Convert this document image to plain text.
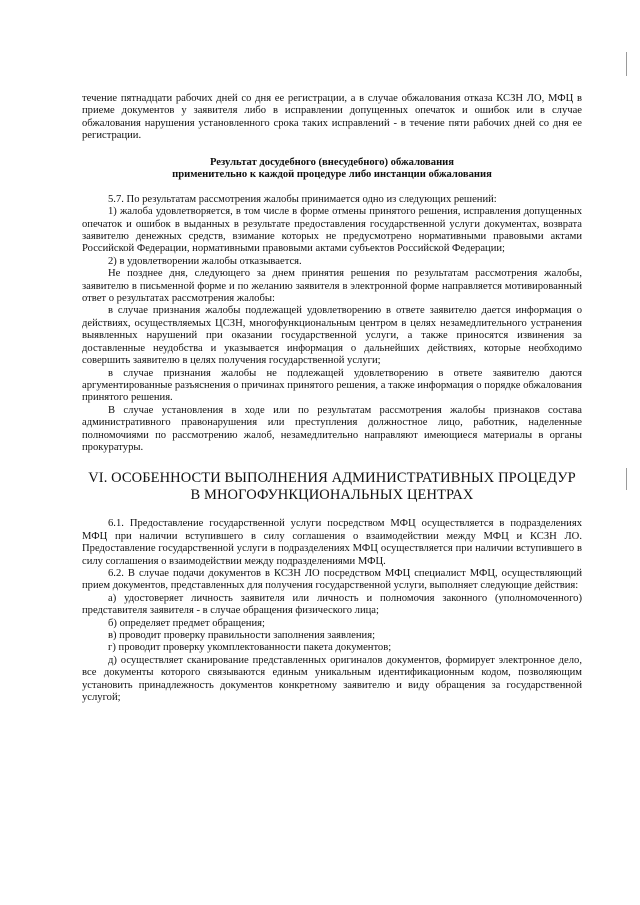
течение пятнадцати рабочих дней со дня ее регистрации, а в случае обжалования отказа КСЗН ЛО, МФЦ в приеме документов у заявителя либо в исправлении допущенных опечаток и ошибок или в случае обжалования нарушения установленного срока таких исправлений - в течение пяти рабочих дней со дня ее регистрации.

Результат досудебного (внесудебного) обжалования
применительно к каждой процедуре либо инстанции обжалования

5.7. По результатам рассмотрения жалобы принимается одно из следующих решений:

1) жалоба удовлетворяется, в том числе в форме отмены принятого решения, исправления допущенных опечаток и ошибок в выданных в результате предоставления государственной услуги документах, возврата заявителю денежных средств, взимание которых не предусмотрено нормативными правовыми актами Российской Федерации, нормативными правовыми актами субъектов Российской Федерации;

2) в удовлетворении жалобы отказывается.

Не позднее дня, следующего за днем принятия решения по результатам рассмотрения жалобы, заявителю в письменной форме и по желанию заявителя в электронной форме направляется мотивированный ответ о результатах рассмотрения жалобы:

в случае признания жалобы подлежащей удовлетворению в ответе заявителю дается информация о действиях, осуществляемых ЦСЗН, многофункциональным центром в целях незамедлительного устранения выявленных нарушений при оказании государственной услуги, а также приносятся извинения за доставленные неудобства и указывается информация о дальнейших действиях, которые необходимо совершить заявителю в целях получения государственной услуги;

в случае признания жалобы не подлежащей удовлетворению в ответе заявителю даются аргументированные разъяснения о причинах принятого решения, а также информация о порядке обжалования принятого решения.

В случае установления в ходе или по результатам рассмотрения жалобы признаков состава административного правонарушения или преступления должностное лицо, работник, наделенные полномочиями по рассмотрению жалоб, незамедлительно направляют имеющиеся материалы в органы прокуратуры.

VI. ОСОБЕННОСТИ ВЫПОЛНЕНИЯ АДМИНИСТРАТИВНЫХ ПРОЦЕДУР
В МНОГОФУНКЦИОНАЛЬНЫХ ЦЕНТРАХ

6.1. Предоставление государственной услуги посредством МФЦ осуществляется в подразделениях МФЦ при наличии вступившего в силу соглашения о взаимодействии между МФЦ и КСЗН ЛО. Предоставление государственной услуги в подразделениях МФЦ осуществляется при наличии вступившего в силу соглашения о взаимодействии между подразделениями МФЦ.

6.2. В случае подачи документов в КСЗН ЛО посредством МФЦ специалист МФЦ, осуществляющий прием документов, представленных для получения государственной услуги, выполняет следующие действия:

а) удостоверяет личность заявителя или личность и полномочия законного (уполномоченного) представителя заявителя - в случае обращения физического лица;

б) определяет предмет обращения;

в) проводит проверку правильности заполнения заявления;

г) проводит проверку укомплектованности пакета документов;

д) осуществляет сканирование представленных оригиналов документов, формирует электронное дело, все документы которого связываются единым уникальным идентификационным кодом, позволяющим установить принадлежность документов конкретному заявителю и виду обращения за государственной услугой;
